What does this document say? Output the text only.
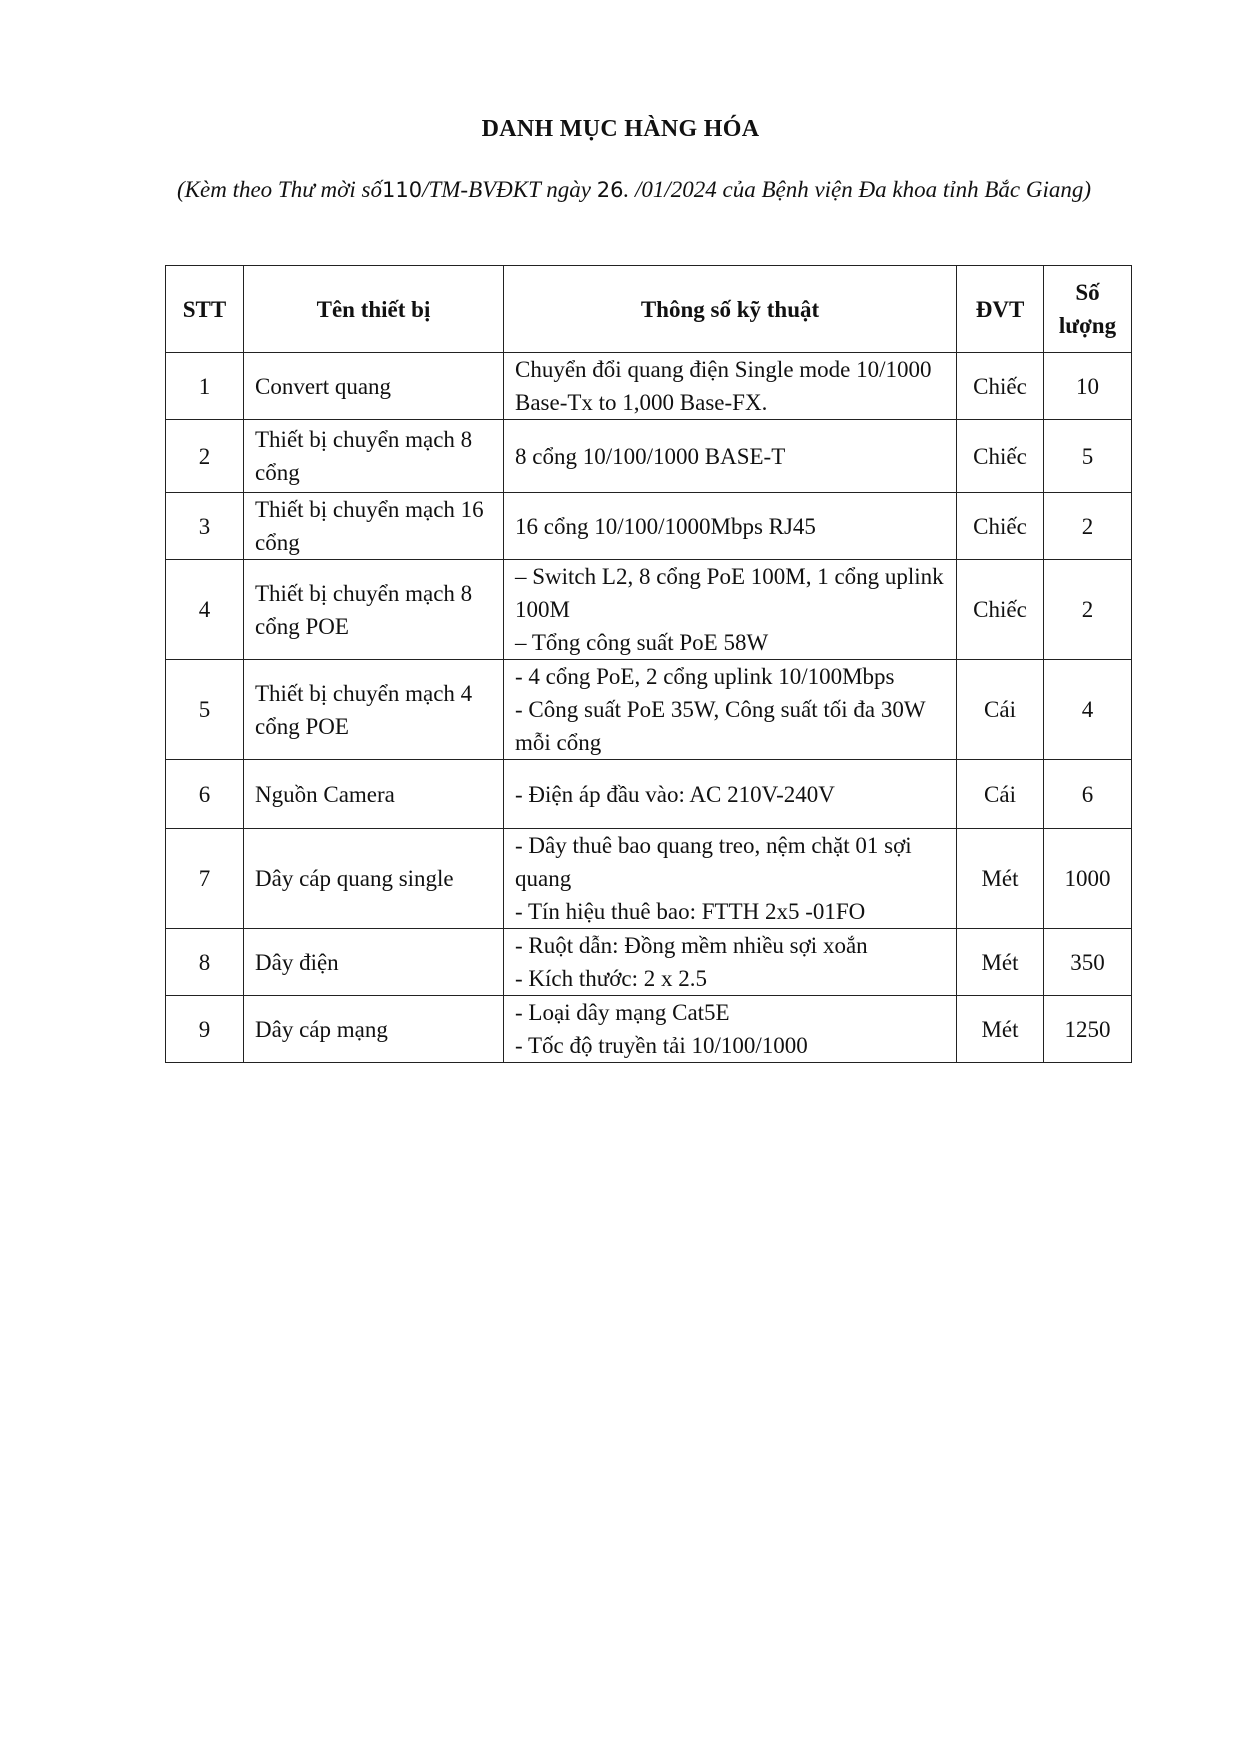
DANH MỤC HÀNG HÓA
(Kèm theo Thư mời số110/TM-BVĐKT ngày 26. /01/2024 của Bệnh viện Đa khoa tỉnh Bắc Giang)
STT	Tên thiết bị	Thông số kỹ thuật	ĐVT	Số
lượng

1	Convert quang	Chuyển đổi quang điện Single mode 10/1000 Base-Tx to 1,000 Base-FX.	Chiếc	10
2	Thiết bị chuyển mạch 8 cổng	8 cổng 10/100/1000 BASE-T	Chiếc	5
3	Thiết bị chuyển mạch 16 cổng	16 cổng 10/100/1000Mbps RJ45	Chiếc	2
4	Thiết bị chuyển mạch 8 cổng POE	– Switch L2, 8 cổng PoE 100M, 1 cổng uplink 100M
– Tổng công suất PoE 58W	Chiếc	2
5	Thiết bị chuyển mạch 4 cổng POE	- 4 cổng PoE, 2 cổng uplink 10/100Mbps
- Công suất PoE 35W, Công suất tối đa 30W mỗi cổng	Cái	4
6	Nguồn Camera	- Điện áp đầu vào: AC 210V-240V	Cái	6
7	Dây cáp quang single	- Dây thuê bao quang treo, nệm chặt 01 sợi quang
- Tín hiệu thuê bao: FTTH 2x5 -01FO	Mét	1000
8	Dây điện	- Ruột dẫn: Đồng mềm nhiều sợi xoắn
- Kích thước: 2 x 2.5	Mét	350
9	Dây cáp mạng	- Loại dây mạng Cat5E
- Tốc độ truyền tải 10/100/1000	Mét	1250
